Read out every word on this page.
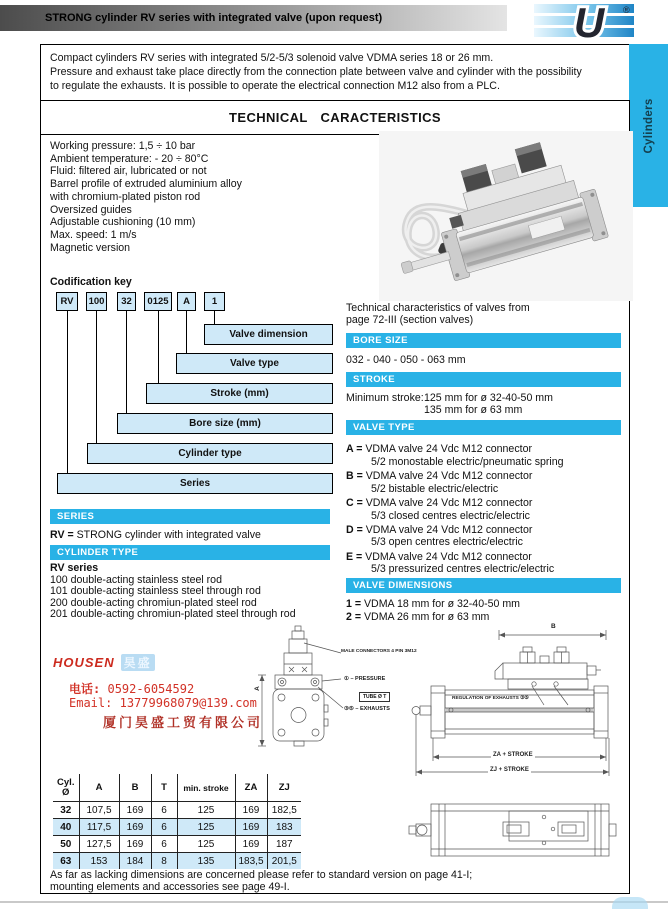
STRONG cylinder RV series with integrated valve (upon request)	U ®
Compact cylinders RV series with integrated 5/2-5/3 solenoid valve VDMA series 18 or 26 mm.
Pressure and exhaust take place directly from the connection plate between valve and cylinder with the possibility
to regulate the exhausts. It is possible to operate the electrical connection M12 also from a PLC.
Cylinders
TECHNICAL CARACTERISTICS
Working pressure: 1,5 ÷ 10 bar
Ambient temperature: - 20 ÷ 80°C
Fluid: filtered air, lubricated or not
Barrel profile of extruded aluminium alloy
with chromium-plated piston rod
Oversized guides
Adjustable cushioning (10 mm)
Max. speed: 1 m/s
Magnetic version
Codification key
RV	100	32	0125	A	1
Valve dimension
Valve type
Stroke (mm)
Bore size (mm)
Cylinder type
Series
Technical characteristics of valves from
page 72-III (section valves)
BORE SIZE
032 - 040 - 050 - 063 mm
STROKE
Minimum stroke: 125 mm for ø 32-40-50 mm
135 mm for ø 63 mm
VALVE TYPE
A = VDMA valve 24 Vdc M12 connector
5/2 monostable electric/pneumatic spring
B = VDMA valve 24 Vdc M12 connector
5/2 bistable electric/electric
C = VDMA valve 24 Vdc M12 connector
5/3 closed centres electric/electric
D = VDMA valve 24 Vdc M12 connector
5/3 open centres electric/electric
E = VDMA valve 24 Vdc M12 connector
5/3 pressurized centres electric/electric
VALVE DIMENSIONS
1 = VDMA 18 mm for ø 32-40-50 mm
2 = VDMA 26 mm for ø 63 mm
SERIES
RV = STRONG cylinder with integrated valve
CYLINDER TYPE
RV series
100 double-acting stainless steel rod
101 double-acting stainless steel through rod
200 double-acting chromiun-plated steel rod
201 double-acting chromiun-plated steel through rod
HOUSEN 昊盛
电话: 0592-6054592
Email: 13779968079@139.com
厦门昊盛工贸有限公司
MALE CONNECTORS 4 PIN 3M12
① – PRESSURE
TUBE Ø T
③⑤ – EXHAUSTS
A
B
REGULATION OF EXHAUSTS ③⑤
ZA + STROKE
ZJ + STROKE
Cyl.
Ø	A	B	T	min. stroke	ZA	ZJ
32	107,5	169	6	125	169	182,5
40	117,5	169	6	125	169	183
50	127,5	169	6	125	169	187
63	153	184	8	135	183,5	201,5
As far as lacking dimensions are concerned please refer to standard version on page 41-I;
mounting elements and accessories see page 49-I.
